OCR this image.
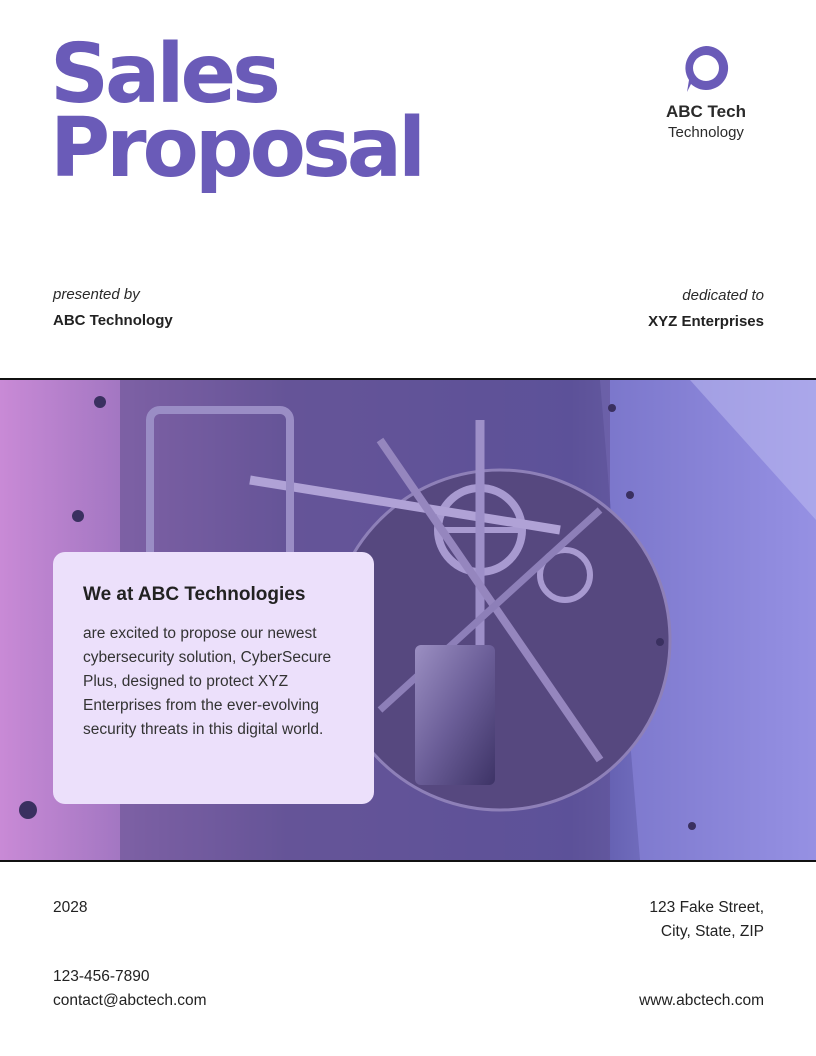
Sales
Proposal	ABC Tech
Technology
presented by
ABC Technology
dedicated to
XYZ Enterprises
We at ABC Technologies
are excited to propose our newest cybersecurity solution, CyberSecure Plus, designed to protect XYZ Enterprises from the ever-evolving security threats in this digital world.
2028	123 Fake Street,
City, State, ZIP
123-456-7890
contact@abctech.com	www.abctech.com
